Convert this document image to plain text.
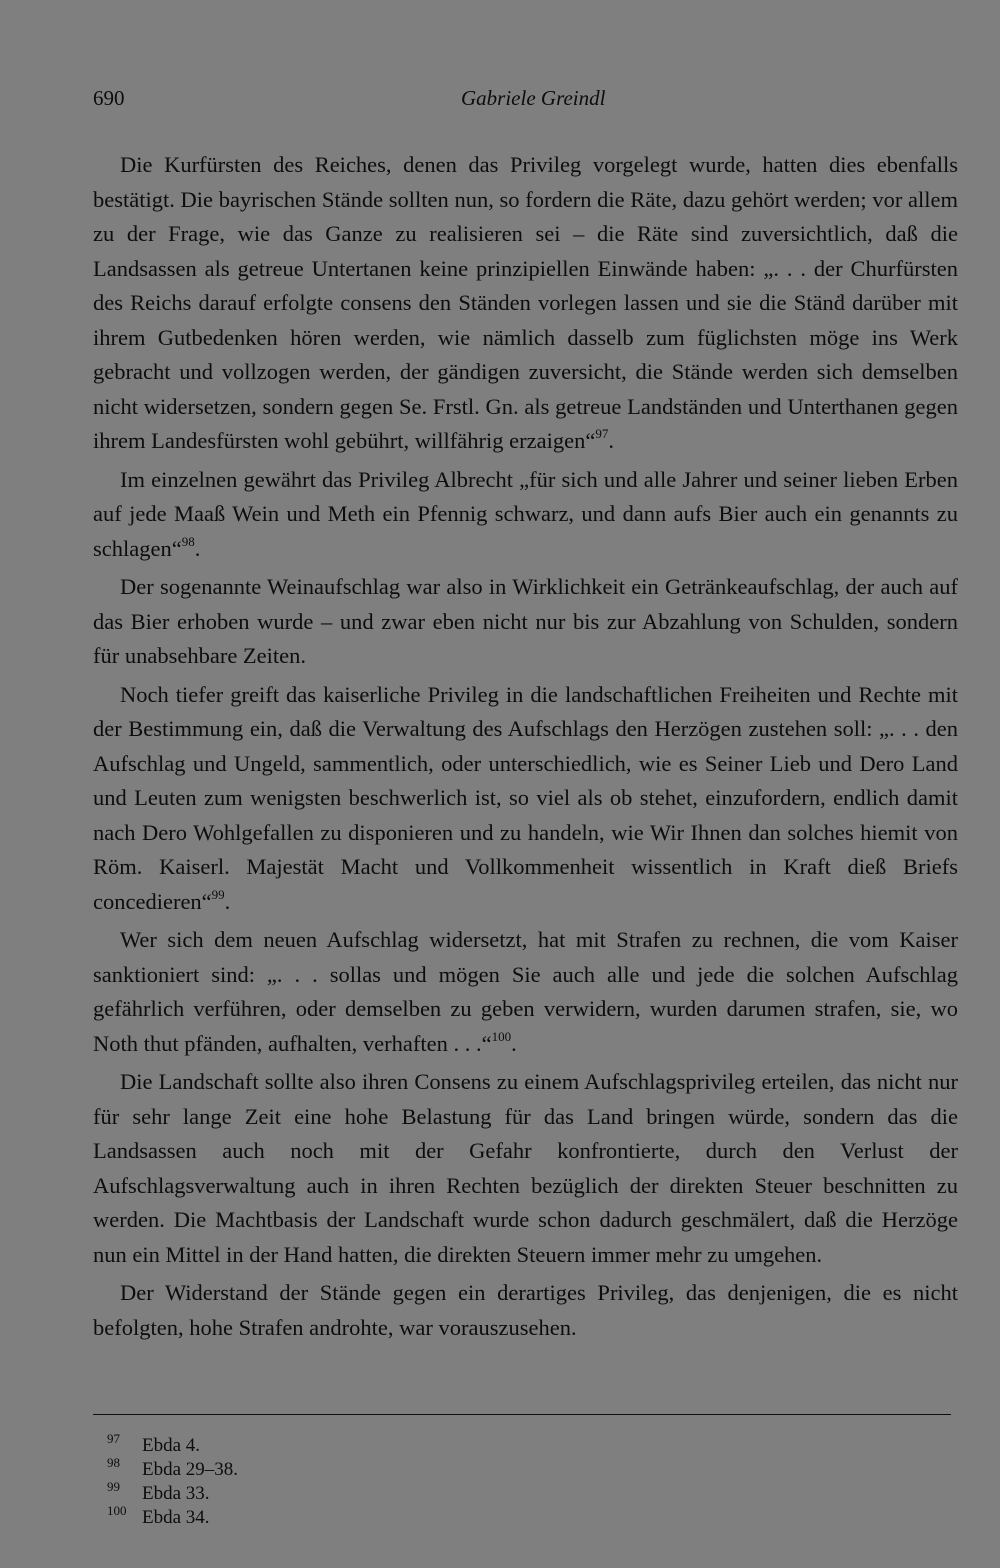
690	Gabriele Greindl

Die Kurfürsten des Reiches, denen das Privileg vorgelegt wurde, hatten dies ebenfalls bestätigt. Die bayrischen Stände sollten nun, so fordern die Räte, dazu gehört werden; vor allem zu der Frage, wie das Ganze zu realisieren sei – die Räte sind zuversichtlich, daß die Landsassen als getreue Untertanen keine prinzipiellen Einwände haben: „. . . der Churfürsten des Reichs darauf erfolgte consens den Ständen vorlegen lassen und sie die Stänḋ darüber mit ihrem Gutbedenken hören werden, wie nämlich dasselb zum füglichsten möge ins Werk gebracht und vollzogen werden, der gändigen zuversicht, die Stände werden sich demselben nicht widersetzen, sondern gegen Se. Frstl. Gn. als getreue Landständen und Unterthanen gegen ihrem Landesfürsten wohl gebührt, willfährig erzaigen“$^{97}$.

Im einzelnen gewährt das Privileg Albrecht „für sich und alle Jahrer und seiner lieben Erben auf jede Maaß Wein und Meth ein Pfennig schwarz, und dann aufs Bier auch ein genannts zu schlagen“$^{98}$.

Der sogenannte Weinaufschlag war also in Wirklichkeit ein Getränkeaufschlag, der auch auf das Bier erhoben wurde – und zwar eben nicht nur bis zur Abzahlung von Schulden, sondern für unabsehbare Zeiten.

Noch tiefer greift das kaiserliche Privileg in die landschaftlichen Freiheiten und Rechte mit der Bestimmung ein, daß die Verwaltung des Aufschlags den Herzögen zustehen soll: „. . . den Aufschlag und Ungeld, sammentlich, oder unterschiedlich, wie es Seiner Lieb und Dero Land und Leuten zum wenigsten beschwerlich ist, so viel als ob stehet, einzufordern, endlich damit nach Dero Wohlgefallen zu disponieren und zu handeln, wie Wir Ihnen dan solches hiemit von Röm. Kaiserl. Majestät Macht und Vollkommenheit wissentlich in Kraft dieß Briefs concedieren“$^{99}$.

Wer sich dem neuen Aufschlag widersetzt, hat mit Strafen zu rechnen, die vom Kaiser sanktioniert sind: „. . . sollas und mögen Sie auch alle und jede die solchen Aufschlag gefährlich verführen, oder demselben zu geben verwidern, wurden darumen strafen, sie, wo Noth thut pfänden, aufhalten, verhaften . . .“$^{100}$.

Die Landschaft sollte also ihren Consens zu einem Aufschlagsprivileg erteilen, das nicht nur für sehr lange Zeit eine hohe Belastung für das Land bringen würde, sondern das die Landsassen auch noch mit der Gefahr konfrontierte, durch den Verlust der Aufschlagsverwaltung auch in ihren Rechten bezüglich der direkten Steuer beschnitten zu werden. Die Machtbasis der Landschaft wurde schon dadurch geschmälert, daß die Herzöge nun ein Mittel in der Hand hatten, die direkten Steuern immer mehr zu umgehen.

Der Widerstand der Stände gegen ein derartiges Privileg, das denjenigen, die es nicht befolgten, hohe Strafen androhte, war vorauszusehen.

$^{97}$ Ebda 4.
$^{98}$ Ebda 29–38.
$^{99}$ Ebda 33.
$^{100}$ Ebda 34.
